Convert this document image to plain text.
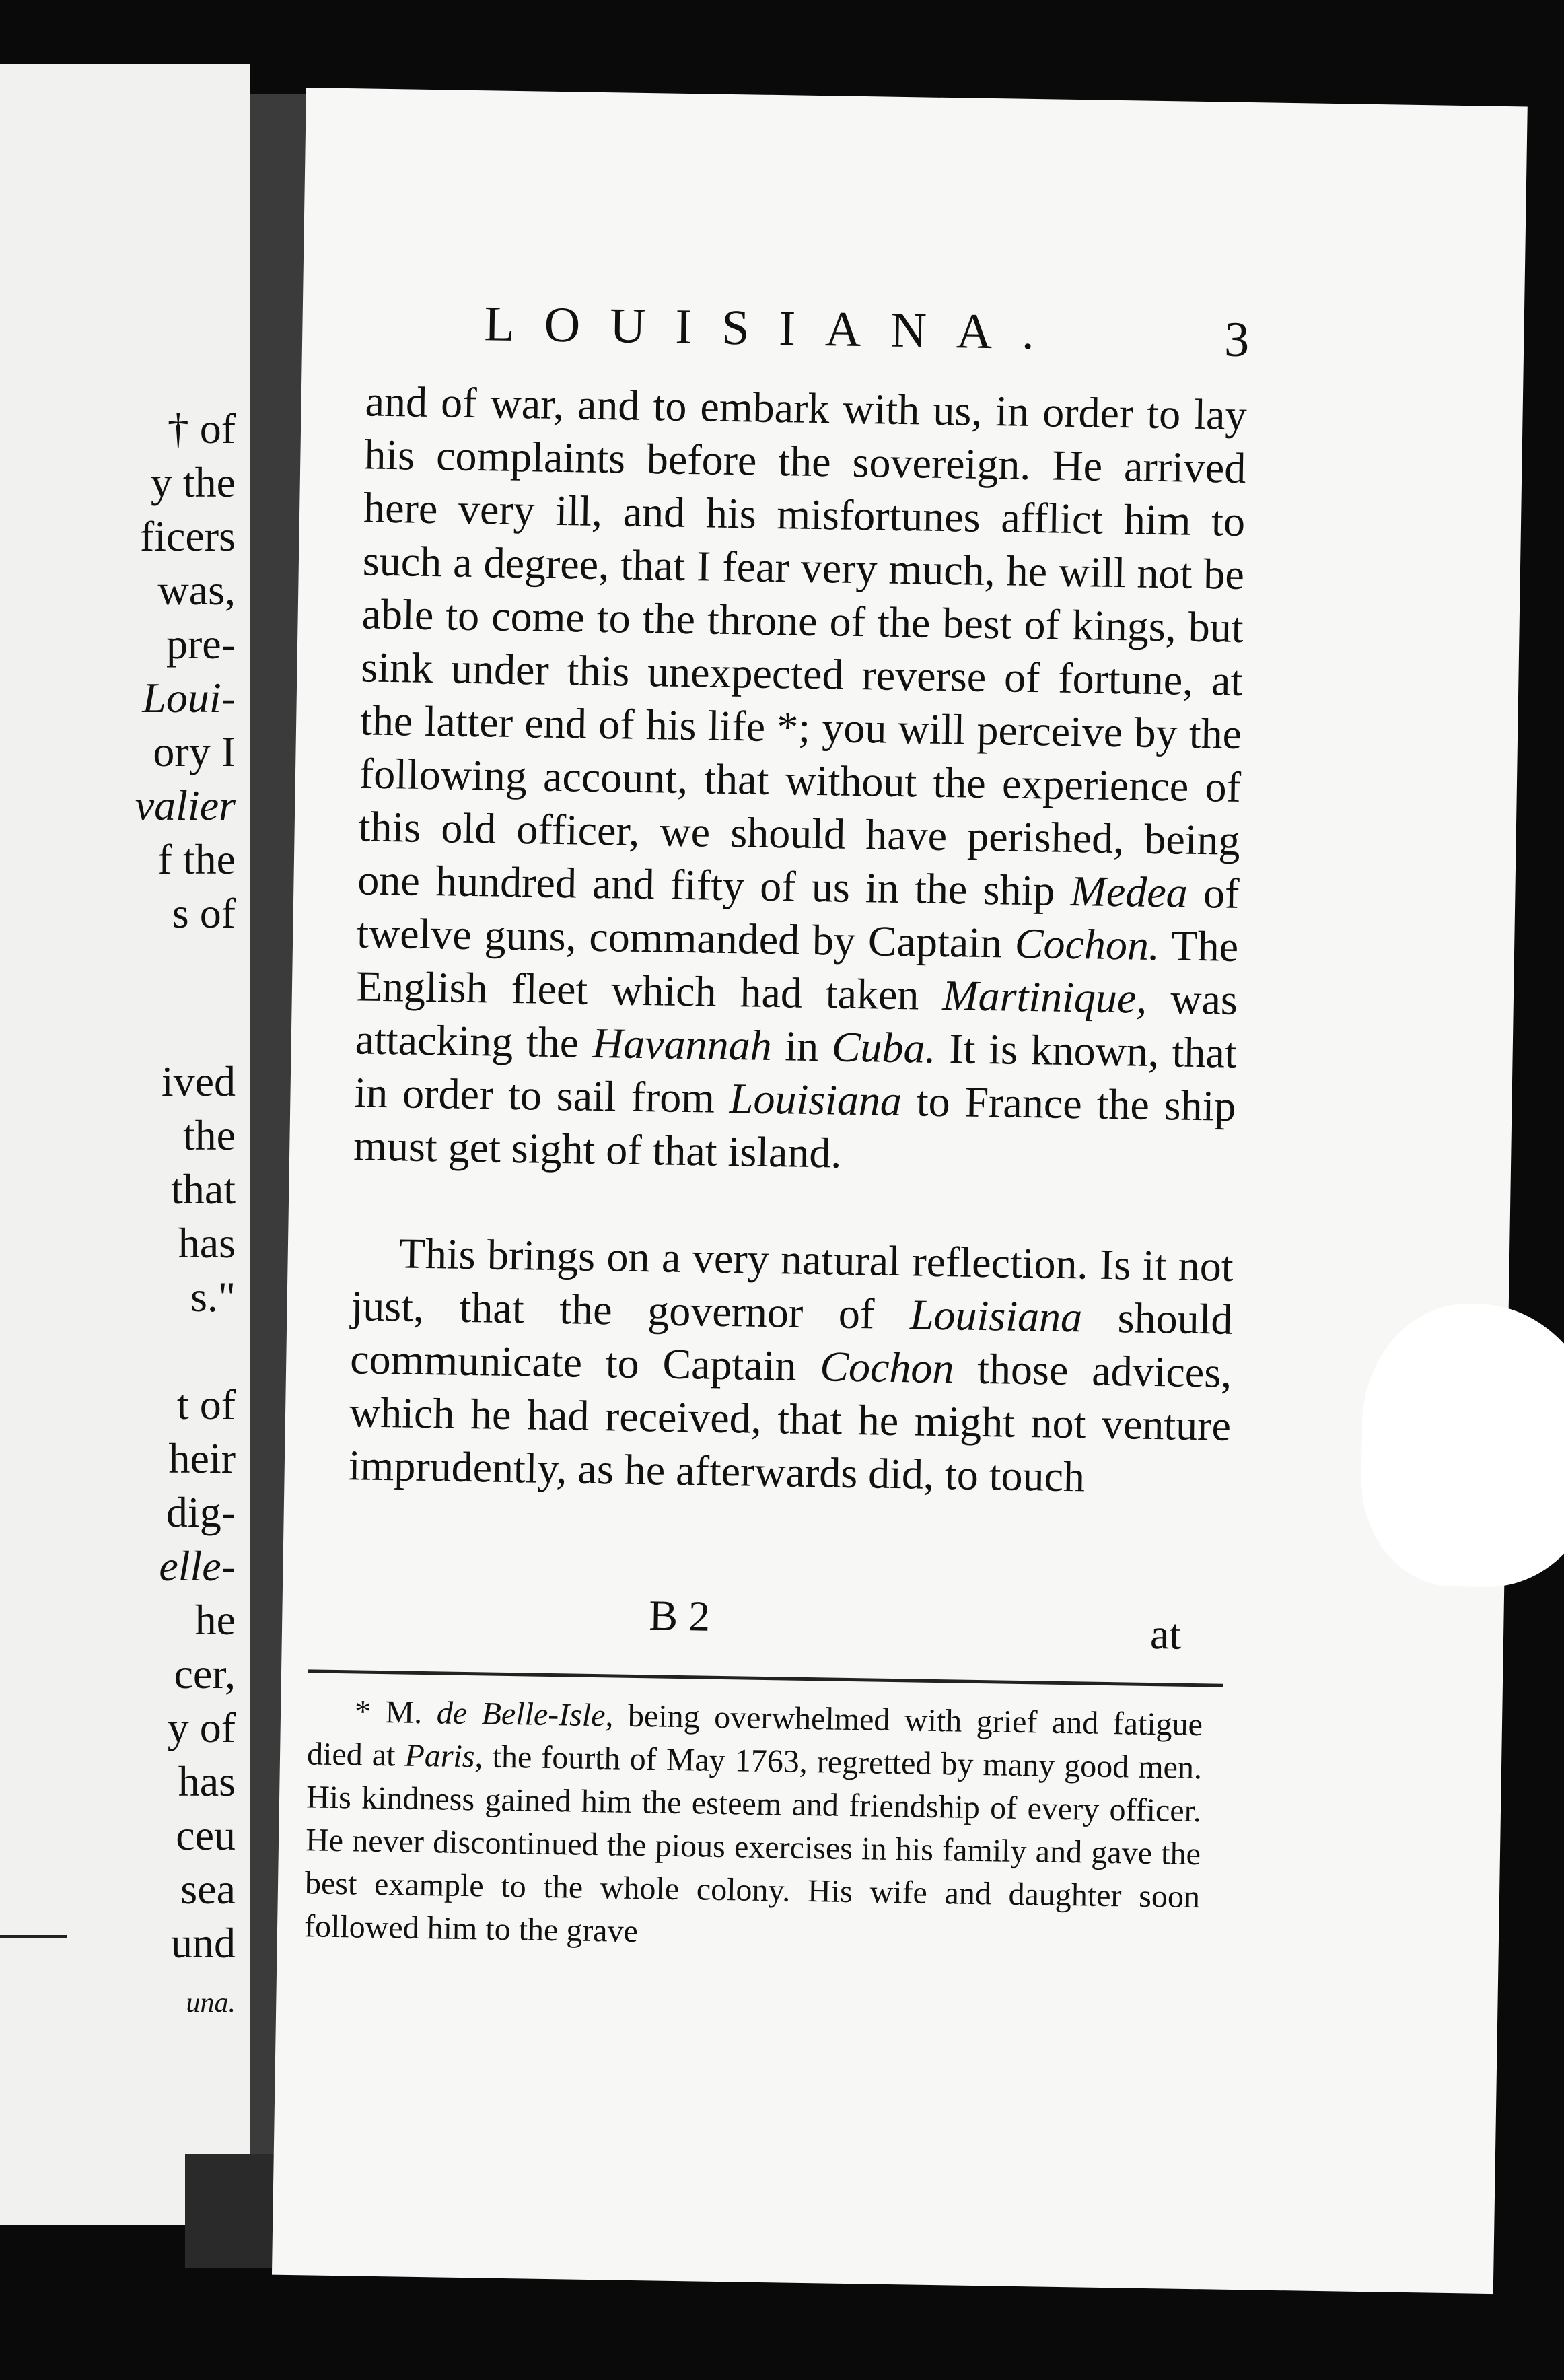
† of
y the
ficers
was,
pre-
Loui-
ory I
valier
f the
s of
ived
the
that
has
s."
t of
heir
dig-
elle-
he
cer,
y of
has
ceu
sea
und
una.
LOUISIANA.	3

and of war, and to embark with us, in order to lay his complaints before the sovereign. He arrived here very ill, and his misfortunes afflict him to such a degree, that I fear very much, he will not be able to come to the throne of the best of kings, but sink under this unexpected reverse of fortune, at the latter end of his life *; you will perceive by the following account, that without the experience of this old officer, we should have perished, being one hundred and fifty of us in the ship Medea of twelve guns, commanded by Captain Cochon. The English fleet which had taken Martinique, was attacking the Havannah in Cuba. It is known, that in order to sail from Louisiana to France the ship must get sight of that island.

This brings on a very natural reflection. Is it not just, that the governor of Louisiana should communicate to Captain Cochon those advices, which he had received, that he might not venture imprudently, as he afterwards did, to touch

B 2	at

* M. de Belle-Isle, being overwhelmed with grief and fatigue died at Paris, the fourth of May 1763, regretted by many good men. His kindness gained him the esteem and friendship of every officer. He never discontinued the pious exercises in his family and gave the best example to the whole colony. His wife and daughter soon followed him to the grave
